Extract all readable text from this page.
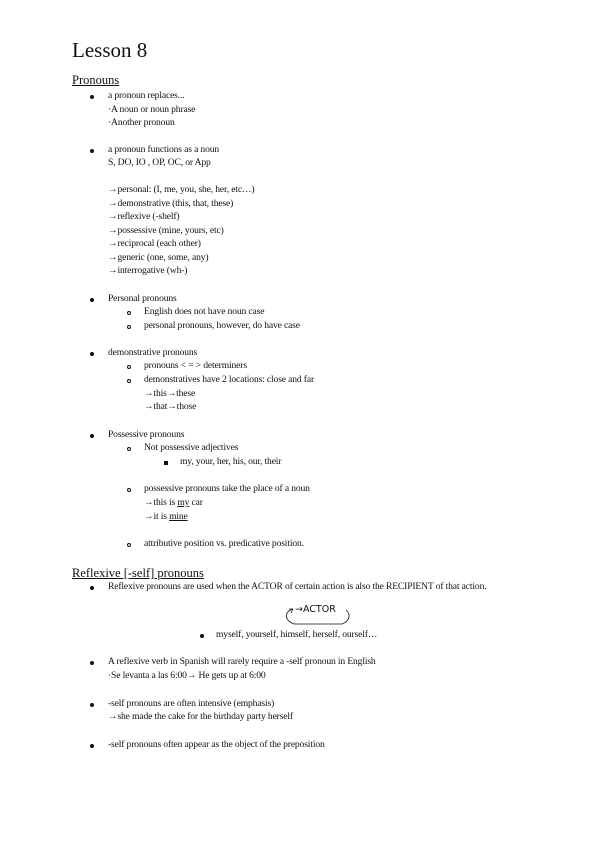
Lesson 8
Pronouns
a pronoun replaces...
·A noun or noun phrase
·Another pronoun
a pronoun functions as a noun
S, DO, IO , OP, OC, or App
→personal: (I, me, you, she, her, etc…)
→demonstrative (this, that, these)
→reflexive (-shelf)
→possessive (mine, yours, etc)
→reciprocal (each other)
→generic (one, some, any)
→interrogative (wh-)
Personal pronouns
English does not have noun case
personal pronouns, however, do have case
demonstrative pronouns
pronouns < = > determiners
demonstratives have 2 locations: close and far
→this→these
→that→those
Possessive pronouns
Not possessive adjectives
my, your, her, his, our, their
possessive pronouns take the place of a noun
→this is my car
→it is mine
attributive position vs. predicative position.
Reflexive [-self] pronouns
Reflexive pronouns are used when the ACTOR of certain action is also the RECIPIENT of that action.
→ACTOR
myself, yourself, himself, herself, ourself…
A reflexive verb in Spanish will rarely require a -self pronoun in English
·Se levanta a las 6:00→ He gets up at 6:00
-self pronouns are often intensive (emphasis)
→she made the cake for the birthday party herself
-self pronouns often appear as the object of the preposition
